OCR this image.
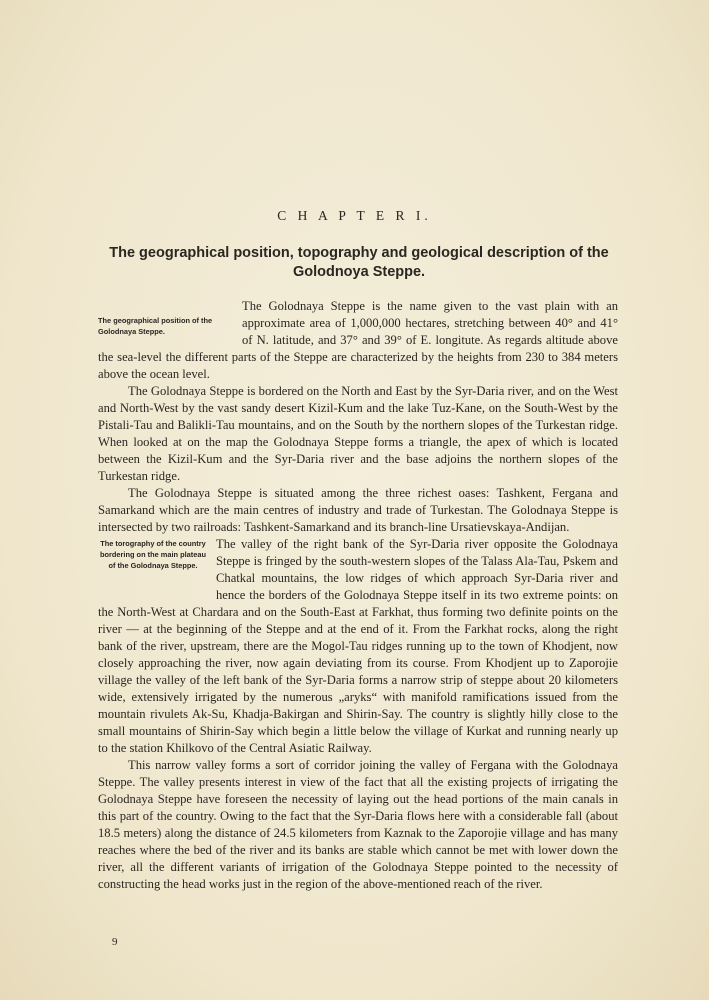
C H A P T E R I.
The geographical position, topography and geological description of the Golodnoya Steppe.

The geographical position of the Golodnaya Steppe.
The Golodnaya Steppe is the name given to the vast plain with an approximate area of 1,000,000 hectares, stretching between 40° and 41° of N. latitude, and 37° and 39° of E. longitute. As regards altitude above the sea-level the different parts of the Steppe are characterized by the heights from 230 to 384 meters above the ocean level.

The Golodnaya Steppe is bordered on the North and East by the Syr-Daria river, and on the West and North-West by the vast sandy desert Kizil-Kum and the lake Tuz-Kane, on the South-West by the Pistali-Tau and Balikli-Tau mountains, and on the South by the northern slopes of the Turkestan ridge. When looked at on the map the Golodnaya Steppe forms a triangle, the apex of which is located between the Kizil-Kum and the Syr-Daria river and the base adjoins the northern slopes of the Turkestan ridge.

The Golodnaya Steppe is situated among the three richest oases: Tashkent, Fergana and Samarkand which are the main centres of industry and trade of Turkestan. The Golodnaya Steppe is intersected by two railroads: Tashkent-Samarkand and its branch-line Ursatievskaya-Andijan.

The torography of the country bordering on the main plateau of the Golodnaya Steppe.
The valley of the right bank of the Syr-Daria river opposite the Golodnaya Steppe is fringed by the south-western slopes of the Talass Ala-Tau, Pskem and Chatkal mountains, the low ridges of which approach Syr-Daria river and hence the borders of the Golodnaya Steppe itself in its two extreme points: on the North-West at Chardara and on the South-East at Farkhat, thus forming two definite points on the river — at the beginning of the Steppe and at the end of it. From the Farkhat rocks, along the right bank of the river, upstream, there are the Mogol-Tau ridges running up to the town of Khodjent, now closely approaching the river, now again deviating from its course. From Khodjent up to Zaporojie village the valley of the left bank of the Syr-Daria forms a narrow strip of steppe about 20 kilometers wide, extensively irrigated by the numerous „aryks“ with manifold ramifications issued from the mountain rivulets Ak-Su, Khadja-Bakirgan and Shirin-Say. The country is slightly hilly close to the small mountains of Shirin-Say which begin a little below the village of Kurkat and running nearly up to the station Khilkovo of the Central Asiatic Railway.

This narrow valley forms a sort of corridor joining the valley of Fergana with the Golodnaya Steppe. The valley presents interest in view of the fact that all the existing projects of irrigating the Golodnaya Steppe have foreseen the necessity of laying out the head portions of the main canals in this part of the country. Owing to the fact that the Syr-Daria flows here with a considerable fall (about 18.5 meters) along the distance of 24.5 kilometers from Kaznak to the Zaporojie village and has many reaches where the bed of the river and its banks are stable which cannot be met with lower down the river, all the different variants of irrigation of the Golodnaya Steppe pointed to the necessity of constructing the head works just in the region of the above-mentioned reach of the river.

9
